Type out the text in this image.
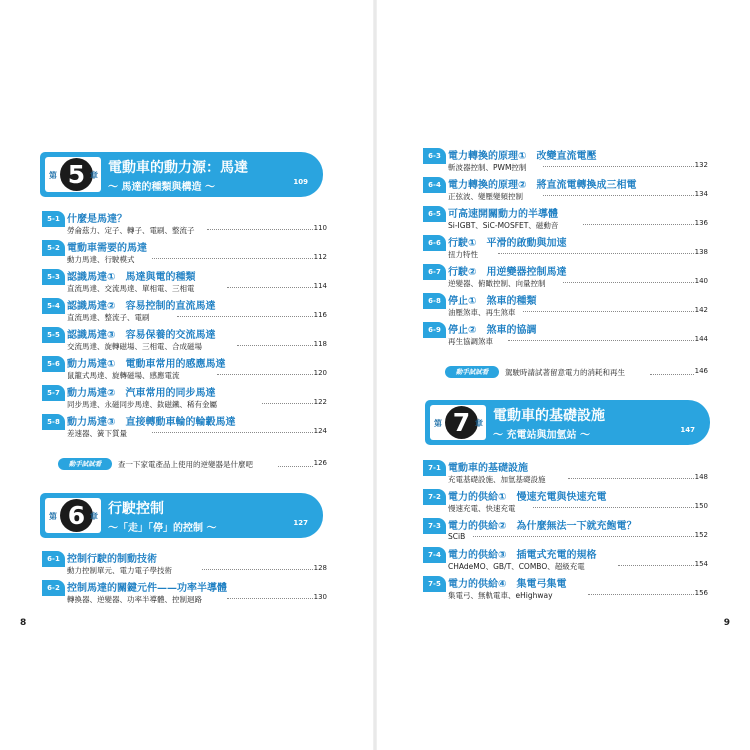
第 5 章 電動車的動力源：馬達
～ 馬達的種類與構造 ～	109
5-1 什麼是馬達？
勞侖茲力、定子、轉子、電刷、整流子	110
5-2 電動車需要的馬達
動力馬達、行駛模式	112
5-3 認識馬達①　馬達與電的種類
直流馬達、交流馬達、單相電、三相電	114
5-4 認識馬達②　容易控制的直流馬達
直流馬達、整流子、電刷	116
5-5 認識馬達③　容易保養的交流馬達
交流馬達、旋轉磁場、三相電、合成磁場	118
5-6 動力馬達①　電動車常用的感應馬達
鼠籠式馬達、旋轉磁場、感應電流	120
5-7 動力馬達②　汽車常用的同步馬達
同步馬達、永磁同步馬達、釹磁鐵、稀有金屬	122
5-8 動力馬達③　直接轉動車輪的輪轂馬達
差速器、簧下質量	124
動手試試看	查一下家電產品上使用的逆變器是什麼吧	126
第 6 章 行駛控制
～「走」「停」的控制 ～	127
6-1 控制行駛的制動技術
動力控制單元、電力電子學技術	128
6-2 控制馬達的關鍵元件——功率半導體
轉換器、逆變器、功率半導體、控制迴路	130
8
6-3 電力轉換的原理①　改變直流電壓
斬波器控制、PWM控制	132
6-4 電力轉換的原理②　將直流電轉換成三相電
正弦波、變壓變頻控制	134
6-5 可高速開關動力的半導體
Si-IGBT、SiC-MOSFET、磁動音	136
6-6 行駛①　平滑的啟動與加速
扭力特性	138
6-7 行駛②　用逆變器控制馬達
逆變器、俯瞰控制、向量控制	140
6-8 停止①　煞車的種類
油壓煞車、再生煞車	142
6-9 停止②　煞車的協調
再生協調煞車	144
動手試試看	駕駛時請試著留意電力的消耗和再生	146
第 7 章 電動車的基礎設施
～ 充電站與加氫站 ～	147
7-1 電動車的基礎設施
充電基礎設施、加氫基礎設施	148
7-2 電力的供給①　慢速充電與快速充電
慢速充電、快速充電	150
7-3 電力的供給②　為什麼無法一下就充飽電？
SCiB	152
7-4 電力的供給③　插電式充電的規格
CHAdeMO、GB/T、COMBO、超級充電	154
7-5 電力的供給④　集電弓集電
集電弓、無軌電車、eHighway	156
9
